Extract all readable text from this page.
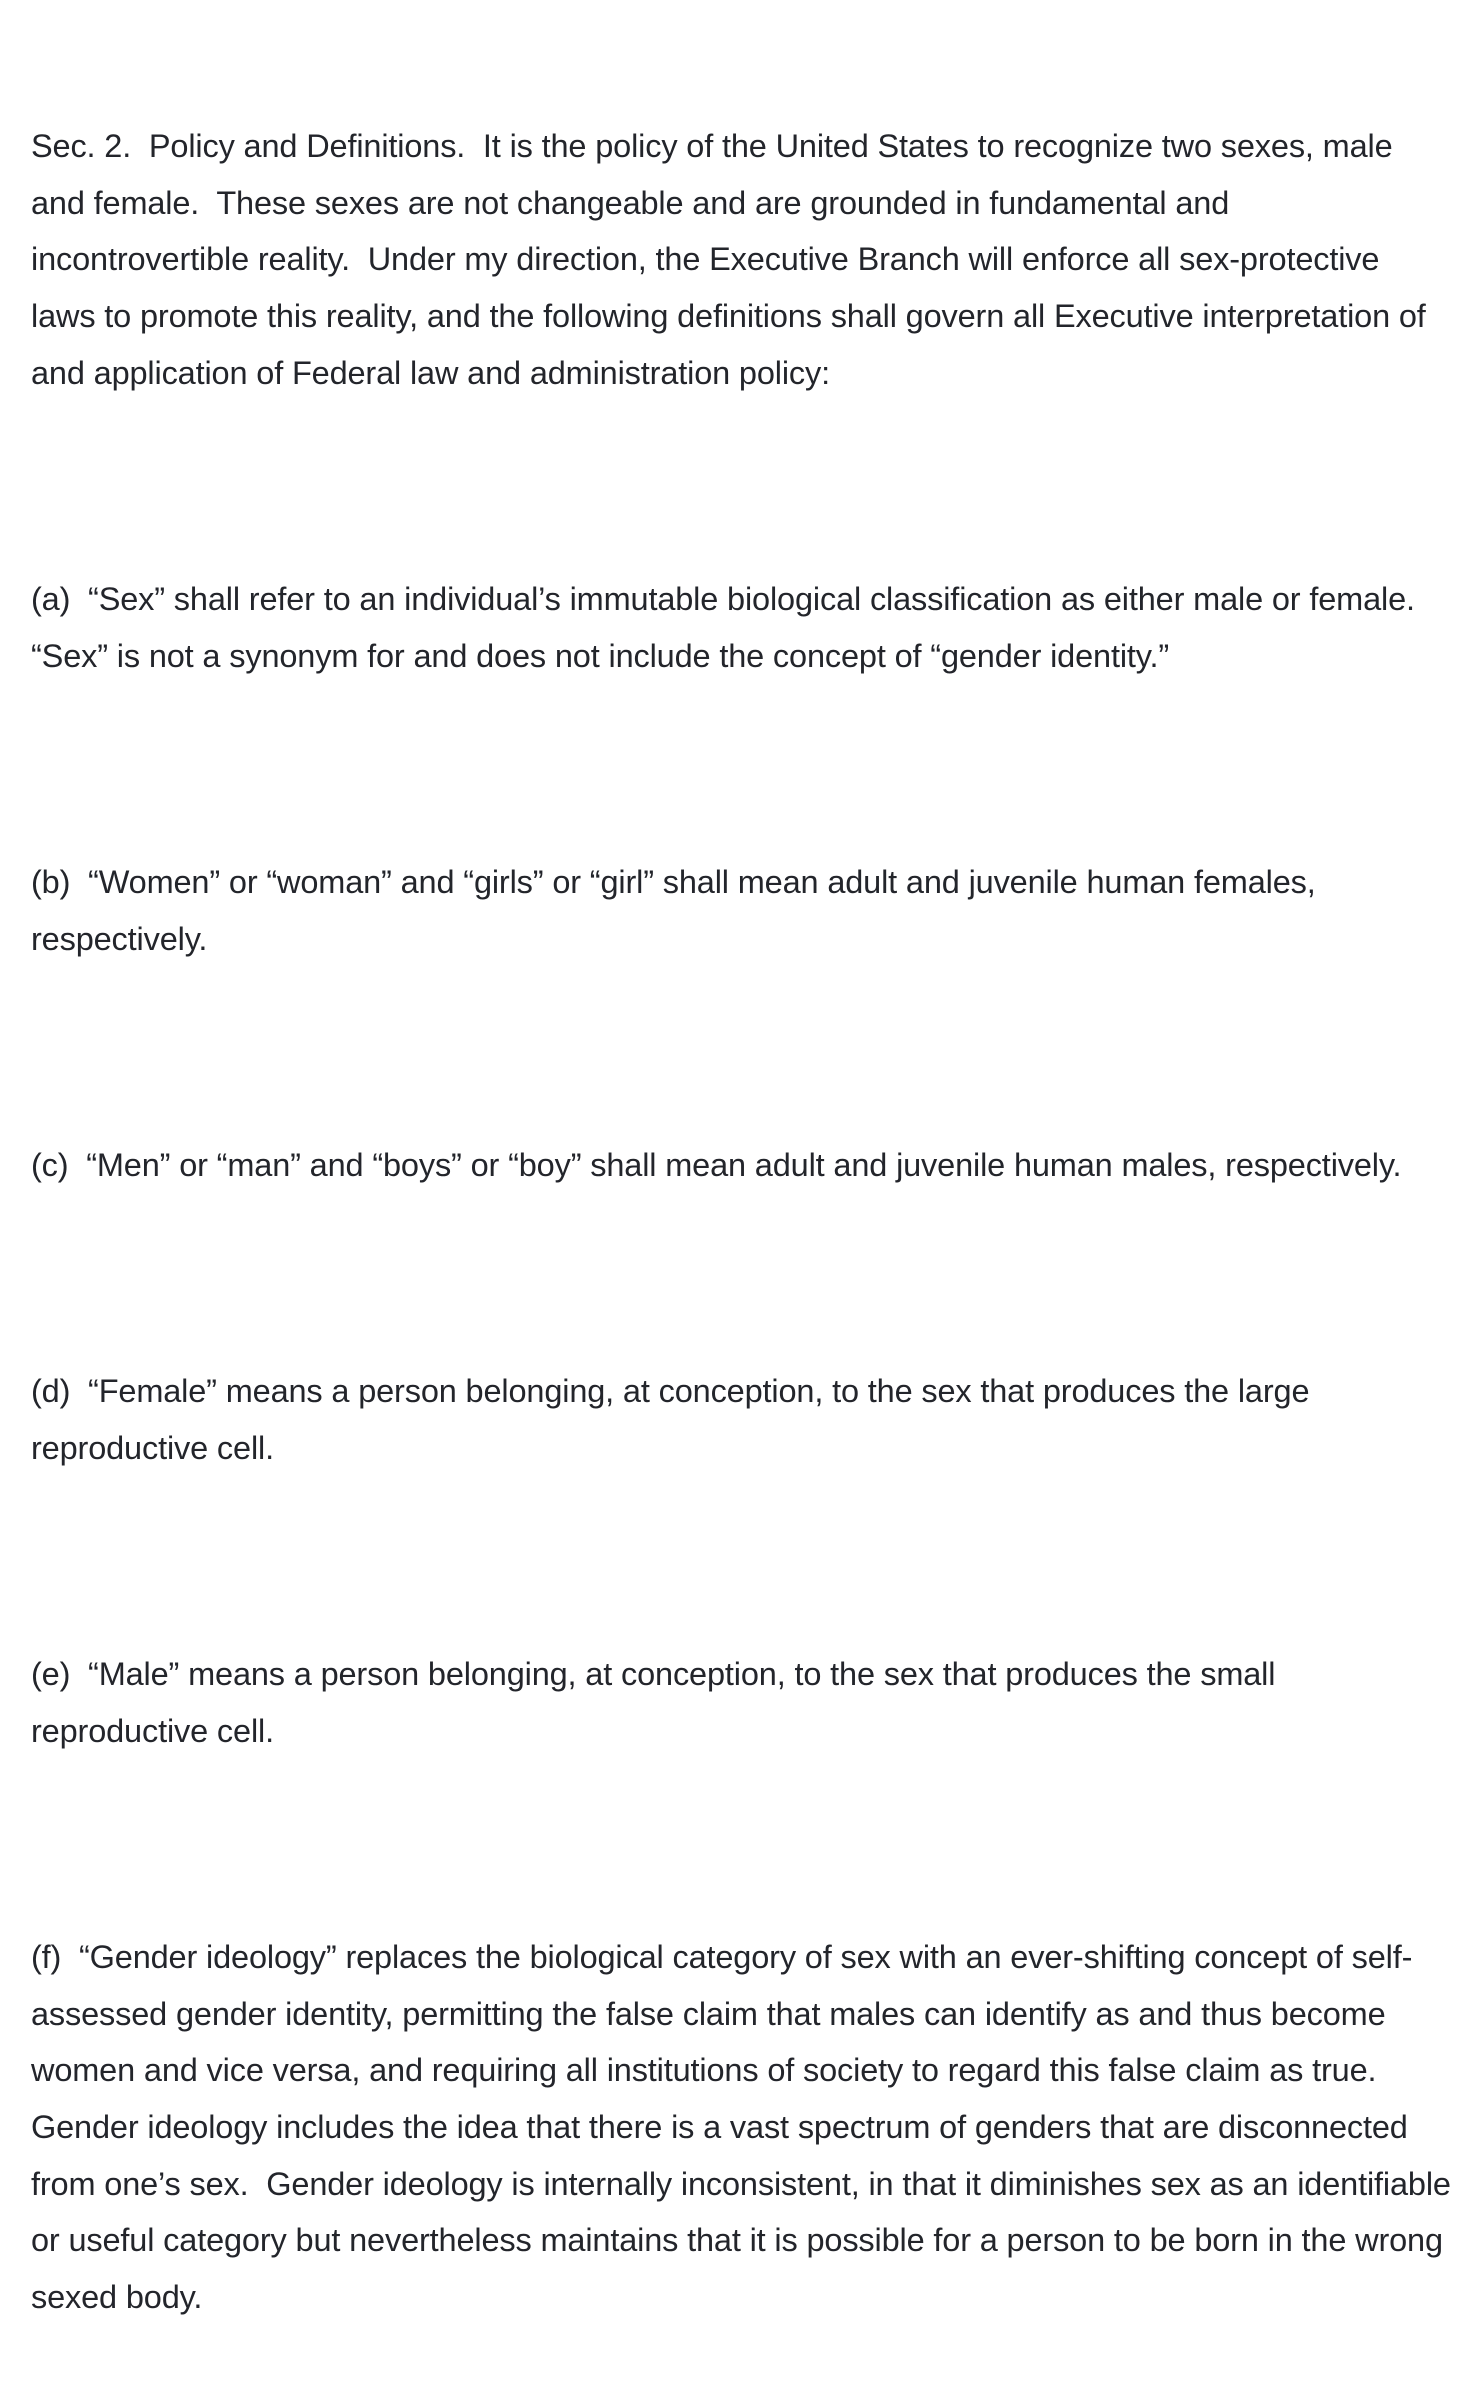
Sec. 2.  Policy and Definitions.  It is the policy of the United States to recognize two sexes, male and female.  These sexes are not changeable and are grounded in fundamental and incontrovertible reality.  Under my direction, the Executive Branch will enforce all sex-protective laws to promote this reality, and the following definitions shall govern all Executive interpretation of and application of Federal law and administration policy:

(a)  “Sex” shall refer to an individual’s immutable biological classification as either male or female.  “Sex” is not a synonym for and does not include the concept of “gender identity.”

(b)  “Women” or “woman” and “girls” or “girl” shall mean adult and juvenile human females, respectively.

(c)  “Men” or “man” and “boys” or “boy” shall mean adult and juvenile human males, respectively.

(d)  “Female” means a person belonging, at conception, to the sex that produces the large reproductive cell.

(e)  “Male” means a person belonging, at conception, to the sex that produces the small reproductive cell.

(f)  “Gender ideology” replaces the biological category of sex with an ever-shifting concept of self-assessed gender identity, permitting the false claim that males can identify as and thus become women and vice versa, and requiring all institutions of society to regard this false claim as true.  Gender ideology includes the idea that there is a vast spectrum of genders that are disconnected from one’s sex.  Gender ideology is internally inconsistent, in that it diminishes sex as an identifiable or useful category but nevertheless maintains that it is possible for a person to be born in the wrong sexed body.
